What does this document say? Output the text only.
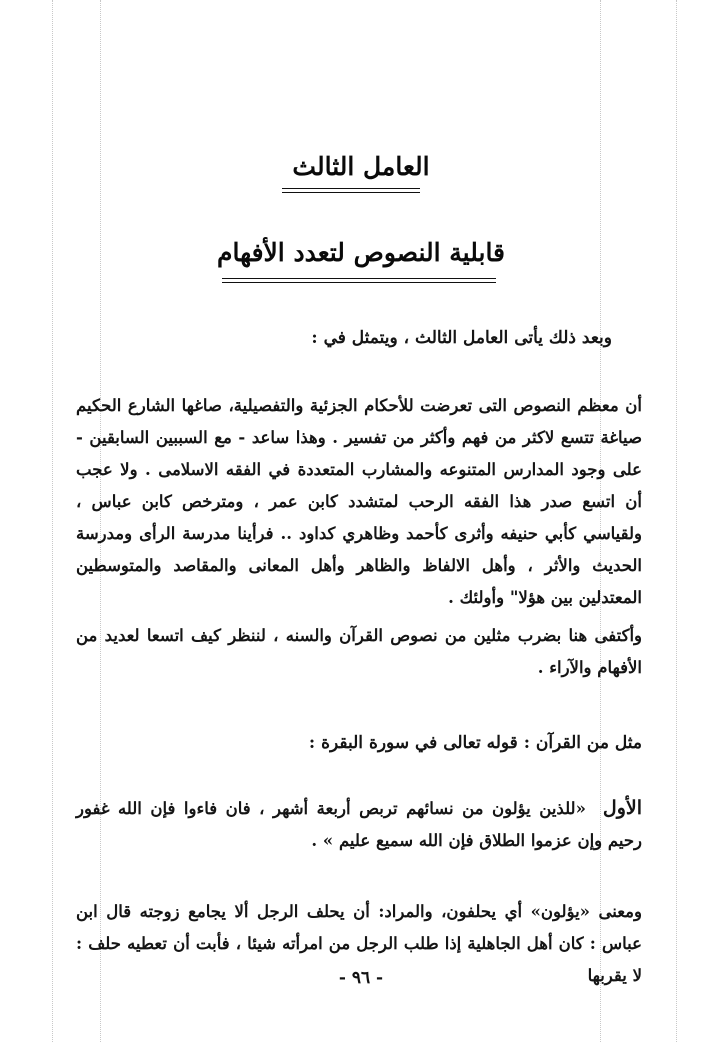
العامل الثالث
قابلية النصوص لتعدد الأفهام
وبعد ذلك يأتى العامل الثالث ، ويتمثل في :
أن معظم النصوص التى تعرضت للأحكام الجزئية والتفصيلية، صاغها الشارع الحكيم صياغة تتسع لاكثر من فهم وأكثر من تفسير . وهذا ساعد - مع السببين السابقين - على وجود المدارس المتنوعه والمشارب المتعددة في الفقه الاسلامى . ولا عجب أن اتسع صدر هذا الفقه الرحب لمتشدد كابن عمر ، ومترخص كابن عباس ، ولقياسي كأبي حنيفه وأثرى كأحمد وظاهري كداود .. فرأينا مدرسة الرأى ومدرسة الحديث والأثر ، وأهل الالفاظ والظاهر وأهل المعانى والمقاصد والمتوسطين المعتدلين بين هؤلا" وأولئك .
وأكتفى هنا بضرب مثلين من نصوص القرآن والسنه ، لننظر كيف اتسعا لعديد من الأفهام والآراء .
مثل من القرآن : قوله تعالى في سورة البقرة :
الأول  «للذين يؤلون من نسائهم تربص أربعة أشهر ، فان فاءوا فإن الله غفور رحيم وإن عزموا الطلاق فإن الله سميع عليم » .
ومعنى «يؤلون» أي يحلفون، والمراد: أن يحلف الرجل ألا يجامع زوجته قال ابن عباس : كان أهل الجاهلية إذا طلب الرجل من امرأته شيئا ، فأبت أن تعطيه حلف : لا يقربها
- ٩٦ -
